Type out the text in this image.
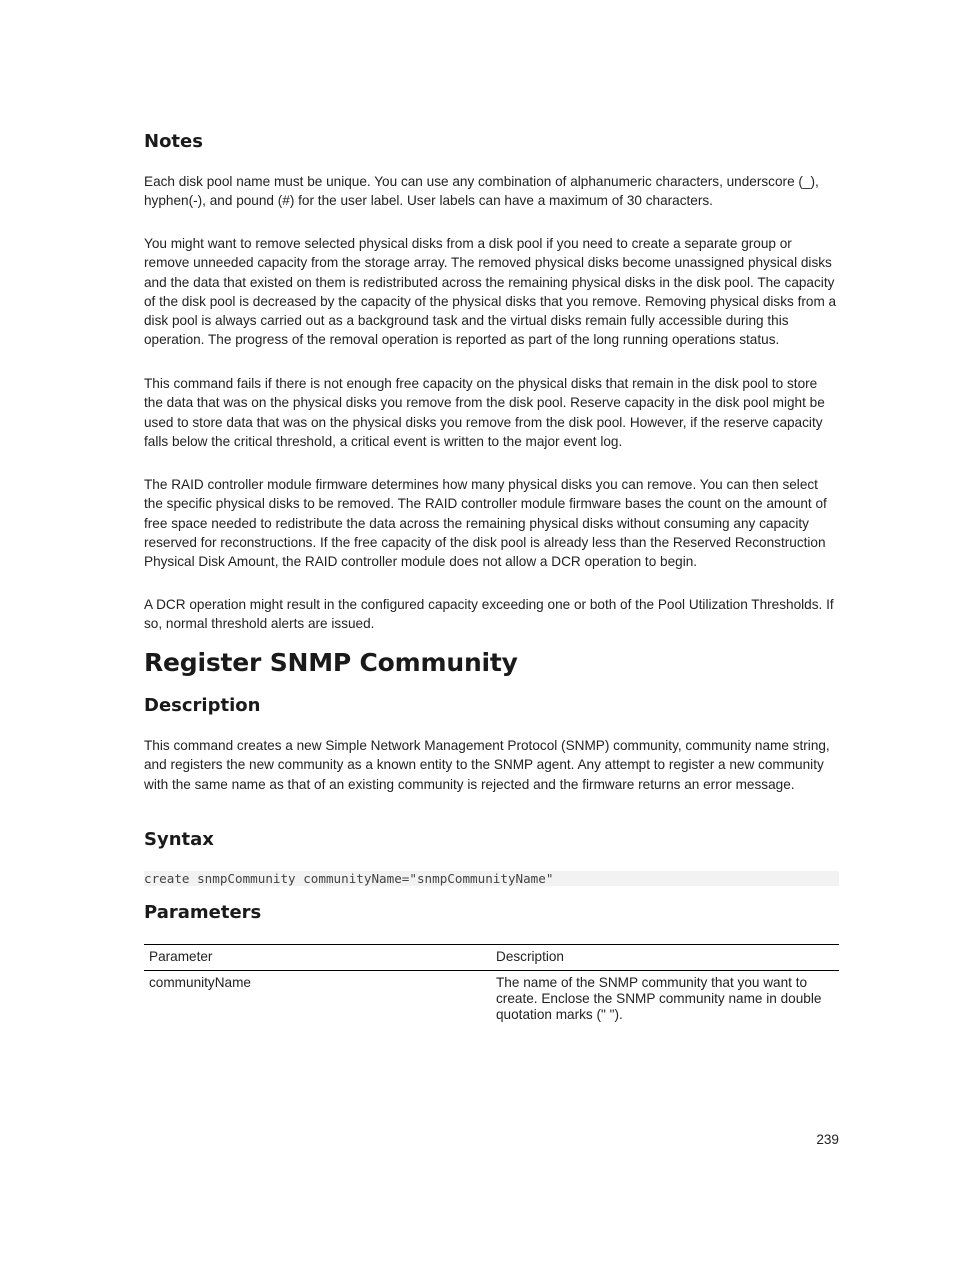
Notes

Each disk pool name must be unique. You can use any combination of alphanumeric characters, underscore (_), hyphen(-), and pound (#) for the user label. User labels can have a maximum of 30 characters.

You might want to remove selected physical disks from a disk pool if you need to create a separate group or remove unneeded capacity from the storage array. The removed physical disks become unassigned physical disks and the data that existed on them is redistributed across the remaining physical disks in the disk pool. The capacity of the disk pool is decreased by the capacity of the physical disks that you remove. Removing physical disks from a disk pool is always carried out as a background task and the virtual disks remain fully accessible during this operation. The progress of the removal operation is reported as part of the long running operations status.

This command fails if there is not enough free capacity on the physical disks that remain in the disk pool to store the data that was on the physical disks you remove from the disk pool. Reserve capacity in the disk pool might be used to store data that was on the physical disks you remove from the disk pool. However, if the reserve capacity falls below the critical threshold, a critical event is written to the major event log.

The RAID controller module firmware determines how many physical disks you can remove. You can then select the specific physical disks to be removed. The RAID controller module firmware bases the count on the amount of free space needed to redistribute the data across the remaining physical disks without consuming any capacity reserved for reconstructions. If the free capacity of the disk pool is already less than the Reserved Reconstruction Physical Disk Amount, the RAID controller module does not allow a DCR operation to begin.

A DCR operation might result in the configured capacity exceeding one or both of the Pool Utilization Thresholds. If so, normal threshold alerts are issued.

Register SNMP Community
Description

This command creates a new Simple Network Management Protocol (SNMP) community, community name string, and registers the new community as a known entity to the SNMP agent. Any attempt to register a new community with the same name as that of an existing community is rejected and the firmware returns an error message.

Syntax
create snmpCommunity communityName="snmpCommunityName"
Parameters
Parameter	Description
communityName	The name of the SNMP community that you want to create. Enclose the SNMP community name in double quotation marks (" ").
239
